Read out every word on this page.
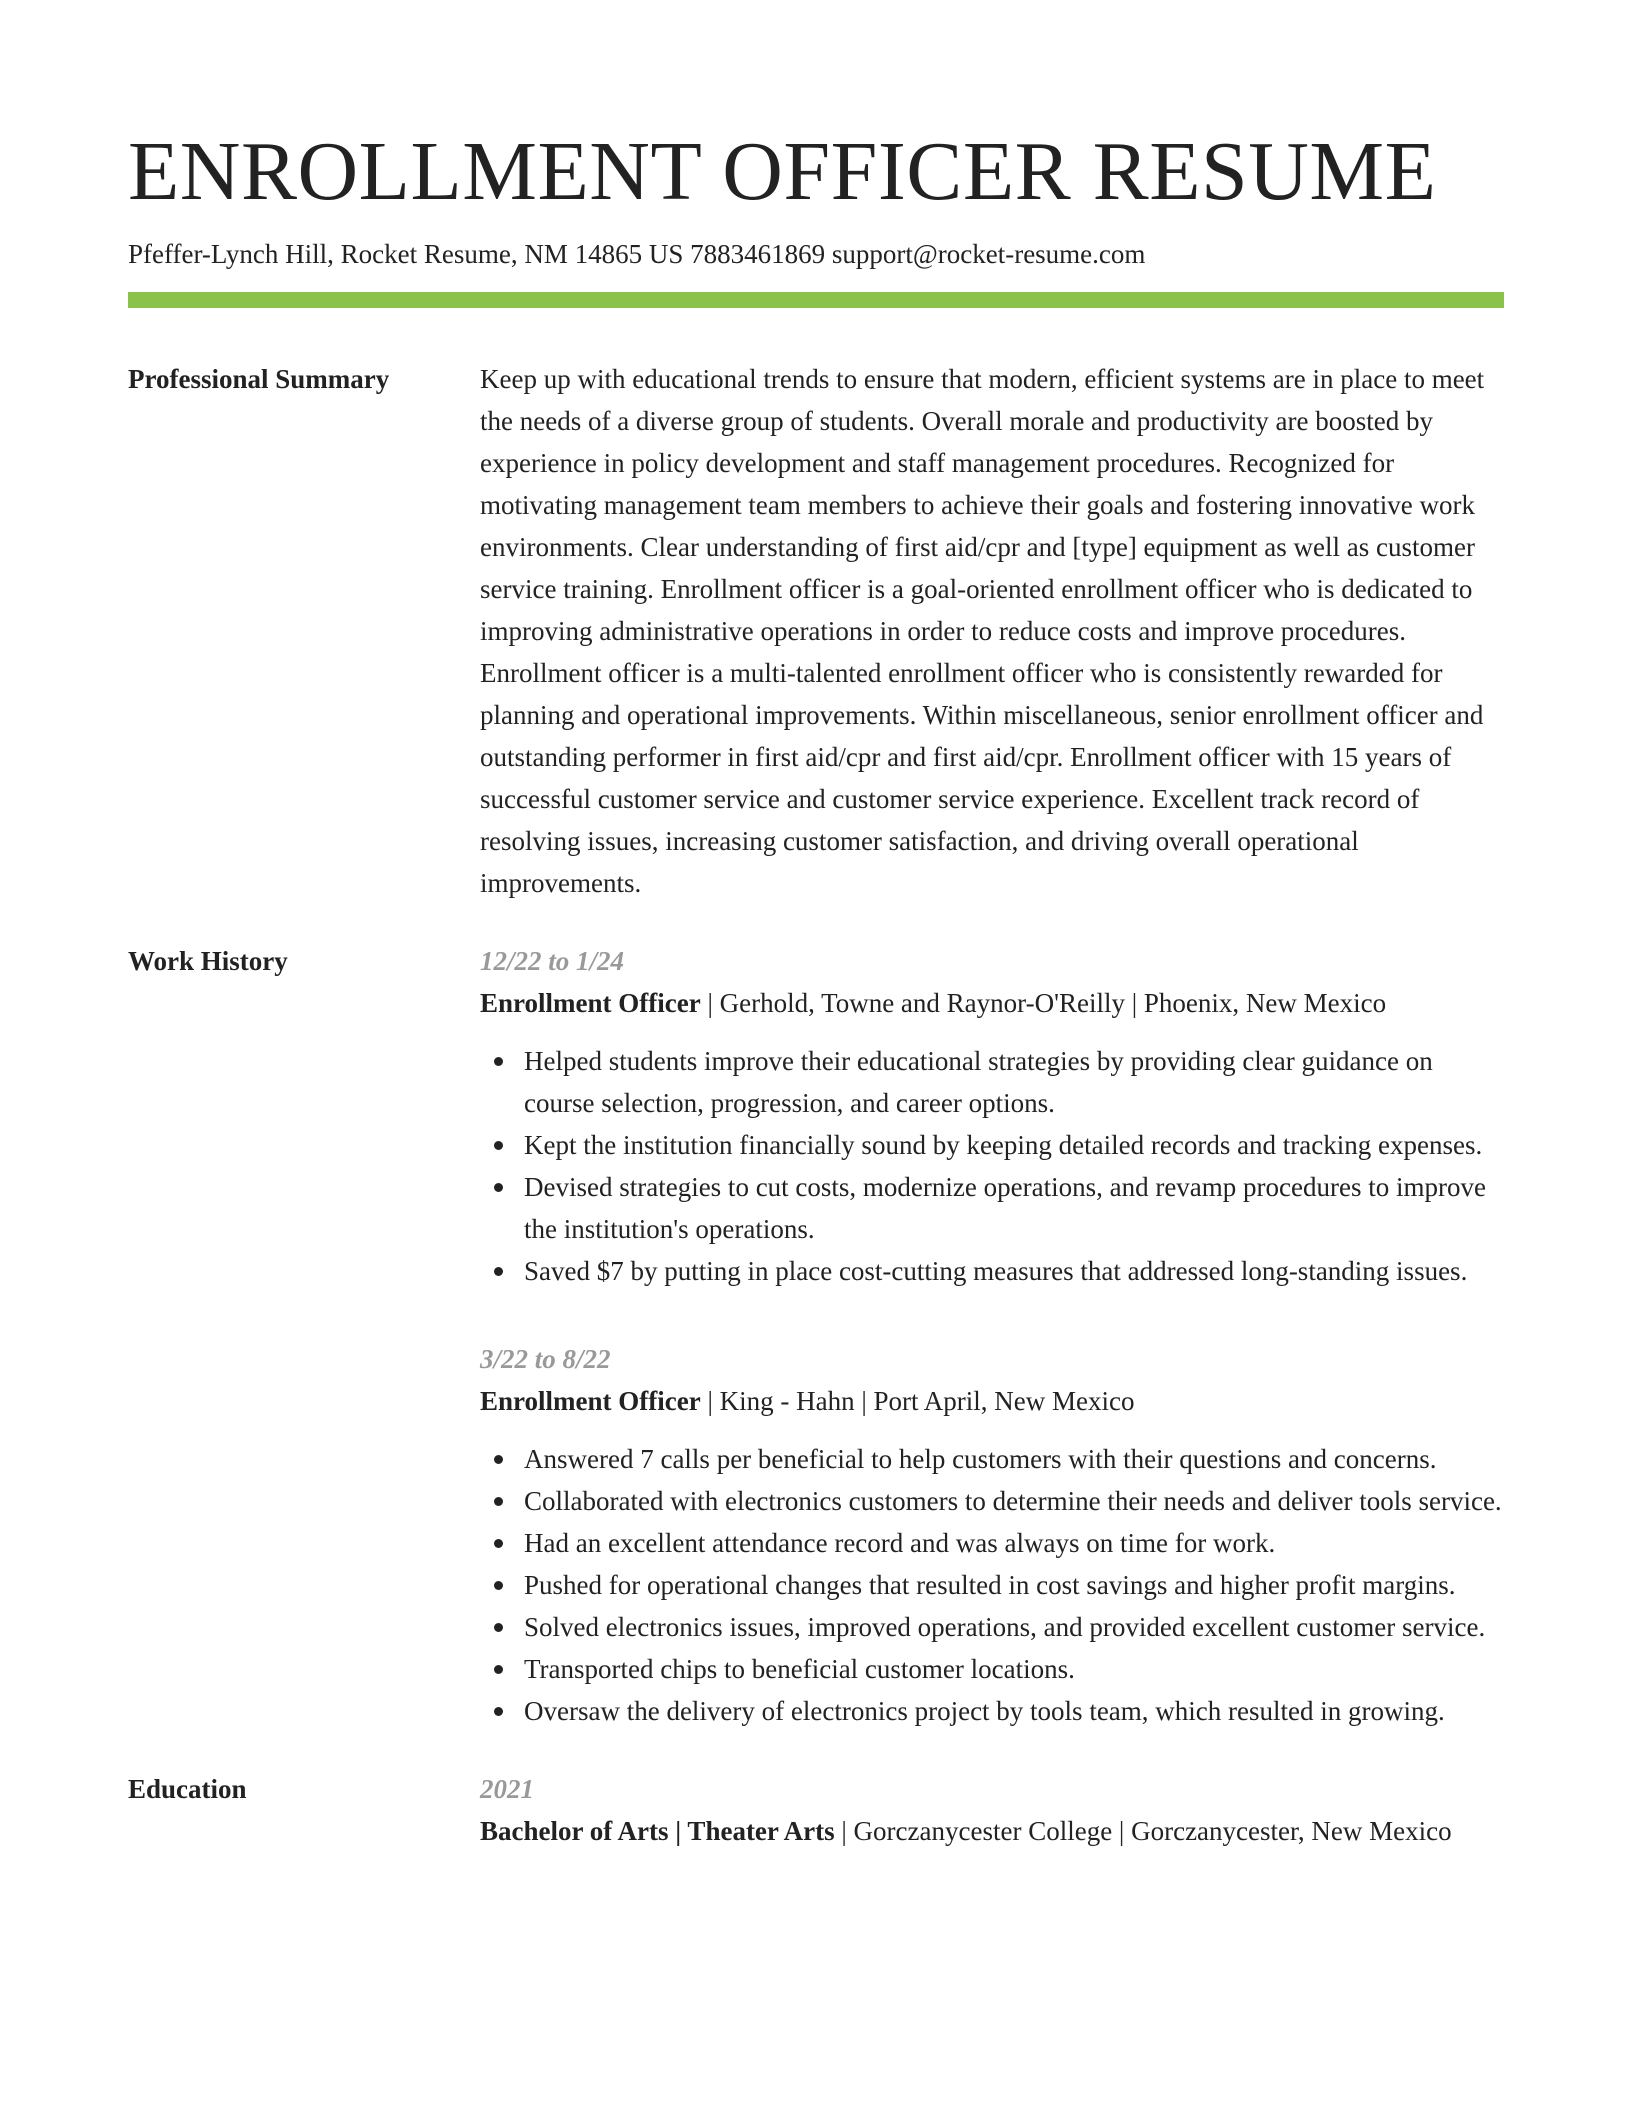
ENROLLMENT OFFICER RESUME
Pfeffer-Lynch Hill, Rocket Resume, NM 14865 US 7883461869 support@rocket-resume.com
Professional Summary	Keep up with educational trends to ensure that modern, efficient systems are in place to meet the needs of a diverse group of students. Overall morale and productivity are boosted by experience in policy development and staff management procedures. Recognized for motivating management team members to achieve their goals and fostering innovative work environments. Clear understanding of first aid/cpr and [type] equipment as well as customer service training. Enrollment officer is a goal-oriented enrollment officer who is dedicated to improving administrative operations in order to reduce costs and improve procedures. Enrollment officer is a multi-talented enrollment officer who is consistently rewarded for planning and operational improvements. Within miscellaneous, senior enrollment officer and outstanding performer in first aid/cpr and first aid/cpr. Enrollment officer with 15 years of successful customer service and customer service experience. Excellent track record of resolving issues, increasing customer satisfaction, and driving overall operational improvements.

Work History	12/22 to 1/24
Enrollment Officer | Gerhold, Towne and Raynor-O'Reilly | Phoenix, New Mexico
Helped students improve their educational strategies by providing clear guidance on course selection, progression, and career options.
Kept the institution financially sound by keeping detailed records and tracking expenses.
Devised strategies to cut costs, modernize operations, and revamp procedures to improve the institution's operations.
Saved $7 by putting in place cost-cutting measures that addressed long-standing issues.
3/22 to 8/22
Enrollment Officer | King - Hahn | Port April, New Mexico
Answered 7 calls per beneficial to help customers with their questions and concerns.
Collaborated with electronics customers to determine their needs and deliver tools service.
Had an excellent attendance record and was always on time for work.
Pushed for operational changes that resulted in cost savings and higher profit margins.
Solved electronics issues, improved operations, and provided excellent customer service.
Transported chips to beneficial customer locations.
Oversaw the delivery of electronics project by tools team, which resulted in growing.
Education	2021
Bachelor of Arts | Theater Arts | Gorczanycester College | Gorczanycester, New Mexico
